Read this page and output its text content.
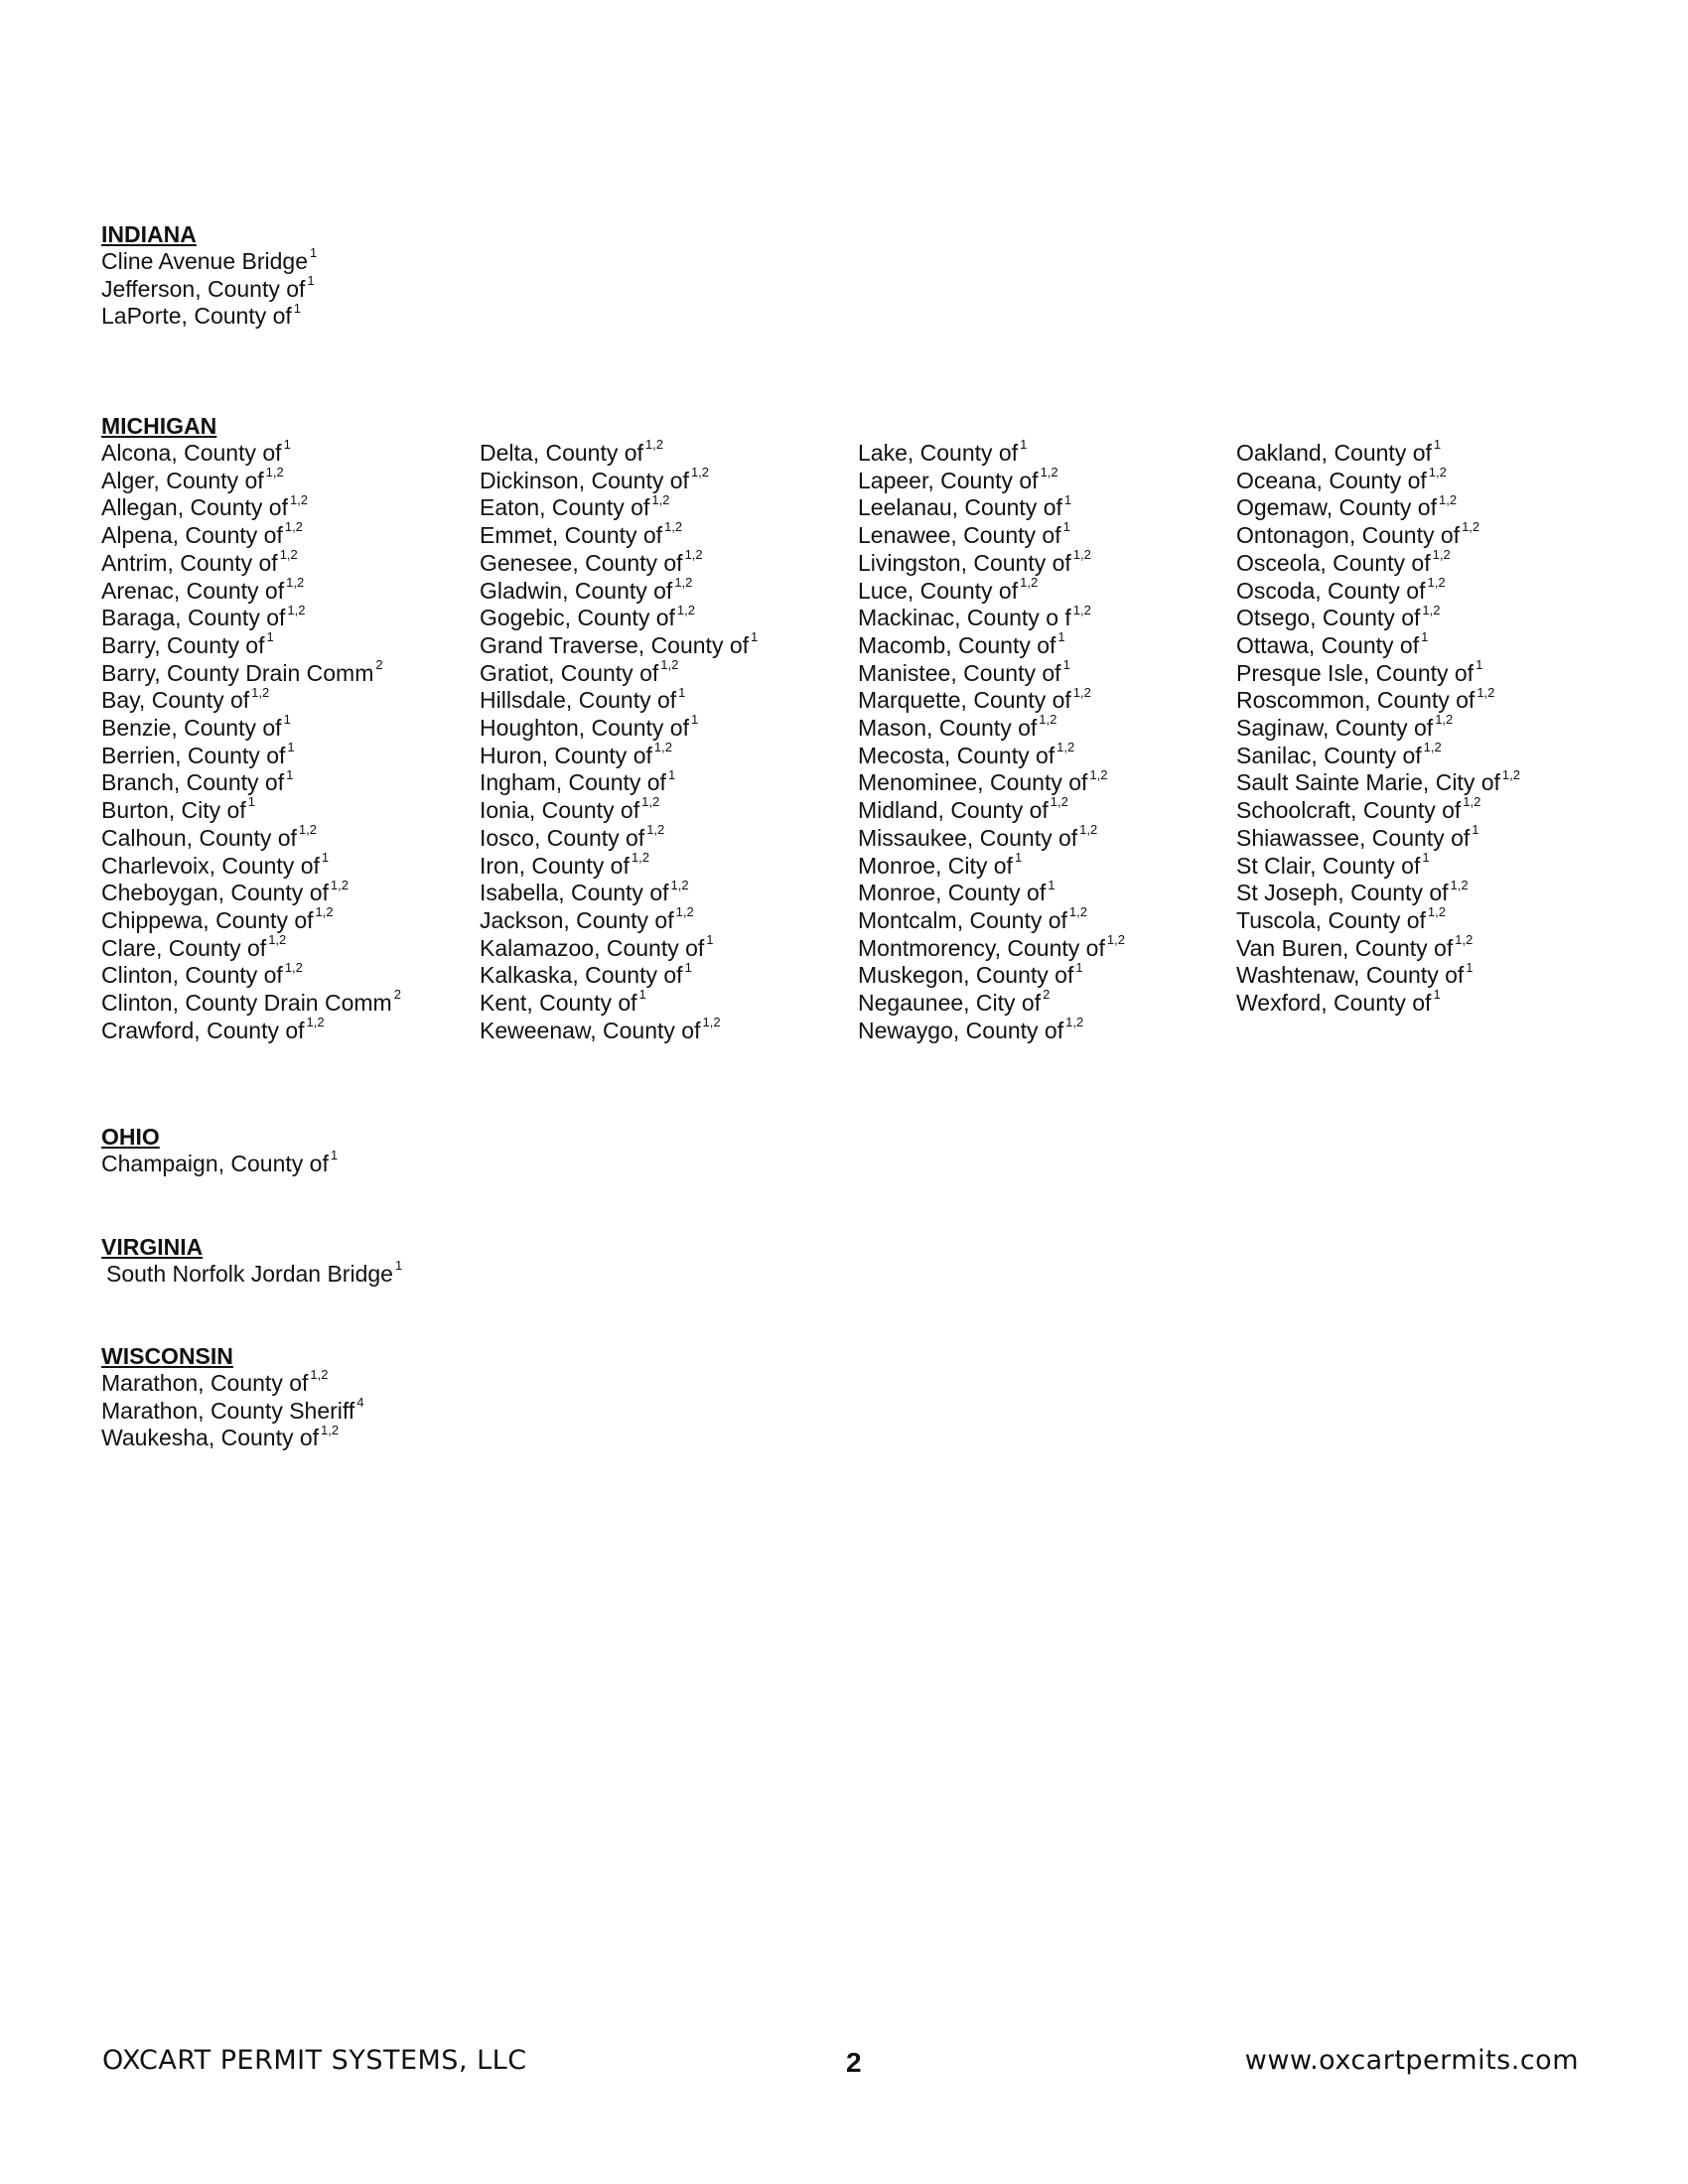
INDIANA
Cline Avenue Bridge $^1$
Jefferson, County of $^1$
LaPorte, County of $^1$
MICHIGAN
Alcona, County of $^1$
Alger, County of $^{1,2}$
Allegan, County of $^{1,2}$
Alpena, County of $^{1,2}$
Antrim, County of $^{1,2}$
Arenac, County of $^{1,2}$
Baraga, County of $^{1,2}$
Barry, County of $^1$
Barry, County Drain Comm $^2$
Bay, County of $^{1,2}$
Benzie, County of $^1$
Berrien, County of $^1$
Branch, County of $^1$
Burton, City of $^1$
Calhoun, County of $^{1,2}$
Charlevoix, County of $^1$
Cheboygan, County of $^{1,2}$
Chippewa, County of $^{1,2}$
Clare, County of $^{1,2}$
Clinton, County of $^{1,2}$
Clinton, County Drain Comm $^2$
Crawford, County of $^{1,2}$
Delta, County of $^{1,2}$
Dickinson, County of $^{1,2}$
Eaton, County of $^{1,2}$
Emmet, County of $^{1,2}$
Genesee, County of $^{1,2}$
Gladwin, County of $^{1,2}$
Gogebic, County of $^{1,2}$
Grand Traverse, County of $^1$
Gratiot, County of $^{1,2}$
Hillsdale, County of $^1$
Houghton, County of $^1$
Huron, County of $^{1,2}$
Ingham, County of $^1$
Ionia, County of $^{1,2}$
Iosco, County of $^{1,2}$
Iron, County of $^{1,2}$
Isabella, County of $^{1,2}$
Jackson, County of $^{1,2}$
Kalamazoo, County of $^1$
Kalkaska, County of $^1$
Kent, County of $^1$
Keweenaw, County of $^{1,2}$
Lake, County of $^1$
Lapeer, County of $^{1,2}$
Leelanau, County of $^1$
Lenawee, County of $^1$
Livingston, County of $^{1,2}$
Luce, County of $^{1,2}$
Mackinac, County o f $^{1,2}$
Macomb, County of $^1$
Manistee, County of $^1$
Marquette, County of $^{1,2}$
Mason, County of $^{1,2}$
Mecosta, County of $^{1,2}$
Menominee, County of $^{1,2}$
Midland, County of $^{1,2}$
Missaukee, County of $^{1,2}$
Monroe, City of $^1$
Monroe, County of $^1$
Montcalm, County of $^{1,2}$
Montmorency, County of $^{1,2}$
Muskegon, County of $^1$
Negaunee, City of $^2$
Newaygo, County of $^{1,2}$
Oakland, County of $^1$
Oceana, County of $^{1,2}$
Ogemaw, County of $^{1,2}$
Ontonagon, County of $^{1,2}$
Osceola, County of $^{1,2}$
Oscoda, County of $^{1,2}$
Otsego, County of $^{1,2}$
Ottawa, County of $^1$
Presque Isle, County of $^1$
Roscommon, County of $^{1,2}$
Saginaw, County of $^{1,2}$
Sanilac, County of $^{1,2}$
Sault Sainte Marie, City of $^{1,2}$
Schoolcraft, County of $^{1,2}$
Shiawassee, County of $^1$
St Clair, County of $^1$
St Joseph, County of $^{1,2}$
Tuscola, County of $^{1,2}$
Van Buren, County of $^{1,2}$
Washtenaw, County of $^1$
Wexford, County of $^1$
OHIO
Champaign, County of $^1$
VIRGINIA
South Norfolk Jordan Bridge $^1$
WISCONSIN
Marathon, County of $^{1,2}$
Marathon, County Sheriff $^4$
Waukesha, County of $^{1,2}$
OXCART PERMIT SYSTEMS, LLC	2	www.oxcartpermits.com
